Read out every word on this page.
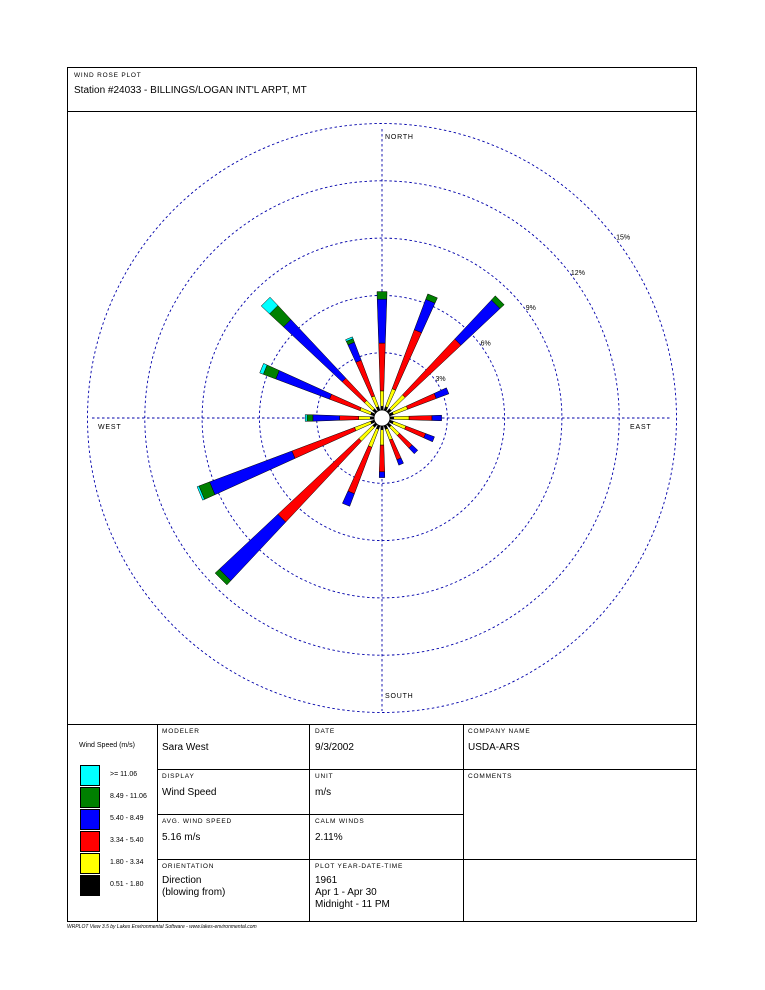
WIND ROSE PLOT
Station #24033 - BILLINGS/LOGAN INT'L ARPT, MT
Wind Speed (m/s)
>= 11.06
8.49 - 11.06
5.40 - 8.49
3.34 - 5.40
1.80 - 3.34
0.51 - 1.80
MODELER
Sara West
DATE
9/3/2002
COMPANY NAME
USDA-ARS
DISPLAY
Wind Speed
UNIT
m/s
COMMENTS
AVG. WIND SPEED
5.16 m/s
CALM WINDS
2.11%
ORIENTATION
Direction
(blowing from)
PLOT YEAR-DATE-TIME
1961
Apr 1 - Apr 30
Midnight - 11 PM
3%
6%
9%
12%
15%
NORTH
SOUTH
EAST
WEST
WRPLOT View 3.5 by Lakes Environmental Software - www.lakes-environmental.com
